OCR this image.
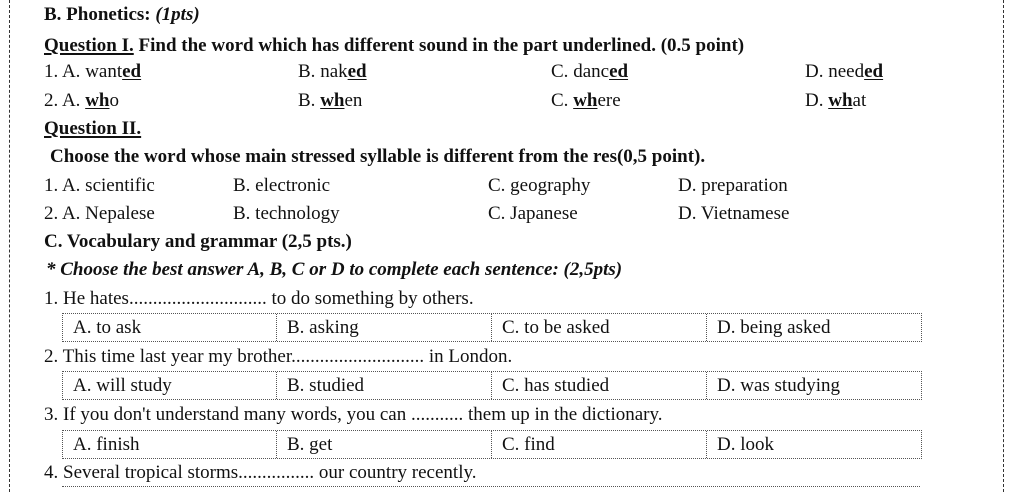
B. Phonetics: (1pts)
Question I. Find the word which has different sound in the part underlined. (0.5 point)
1. A. wanted	B. naked	C. danced	D. needed
2. A. who	B. when	C. where	D. what
Question II.
Choose the word whose main stressed syllable is different from the res(0,5 point).
1. A. scientific	B. electronic	C. geography	D. preparation
2. A. Nepalese	B. technology	C. Japanese	D. Vietnamese
C. Vocabulary and grammar (2,5 pts.)
* Choose the best answer A, B, C or D to complete each sentence: (2,5pts)
1. He hates............................. to do something by others.
A. to ask	B. asking	C. to be asked	D. being asked
2. This time last year my brother............................ in London.
A. will study	B. studied	C. has studied	D. was studying
3. If you don't understand many words, you can ........... them up in the dictionary.
A. finish	B. get	C. find	D. look
4. Several tropical storms................ our country recently.
